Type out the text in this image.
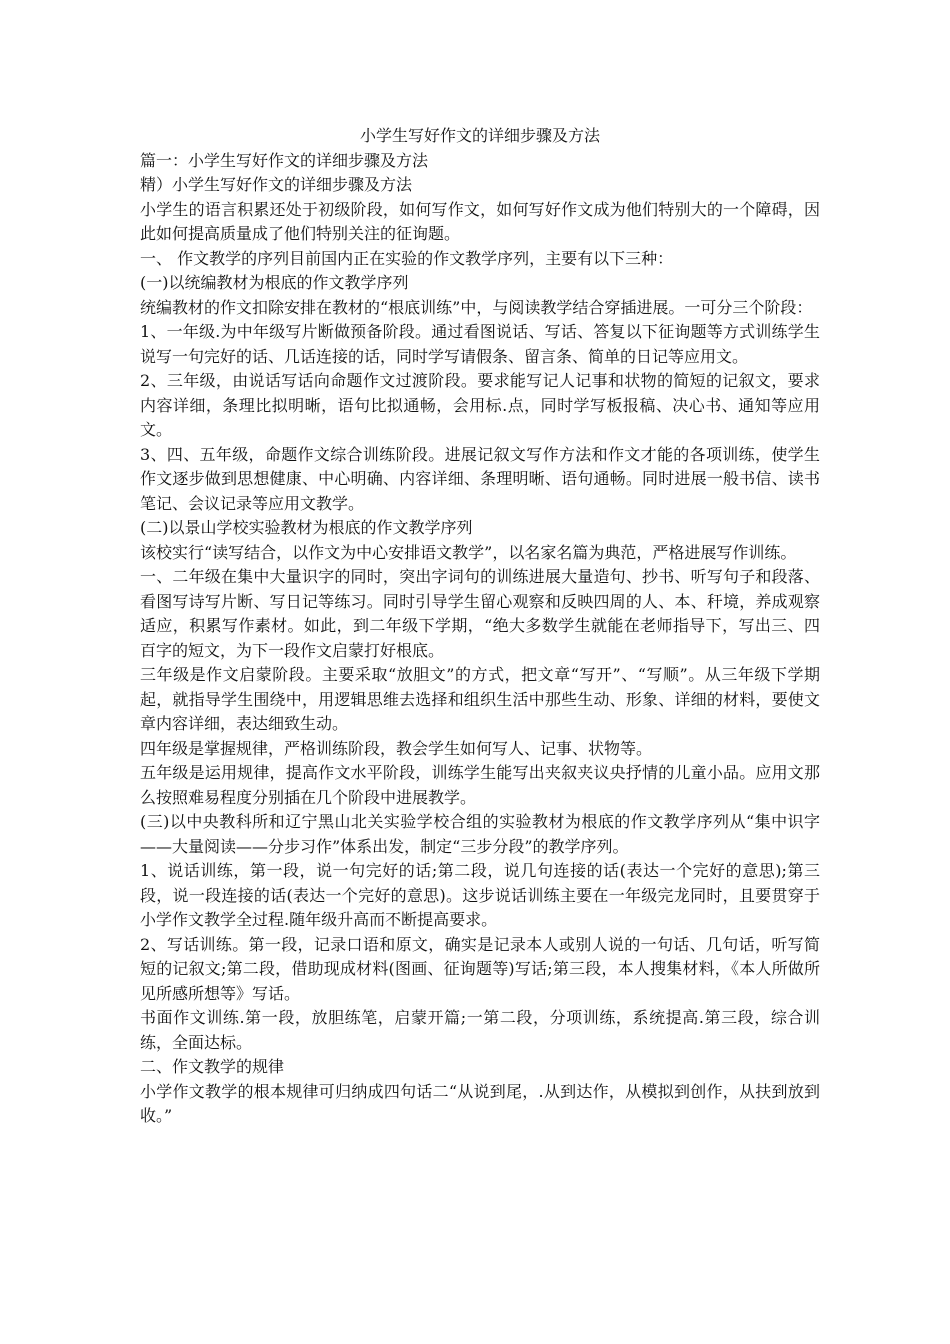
小学生写好作文的详细步骤及方法

篇一：小学生写好作文的详细步骤及方法

精）小学生写好作文的详细步骤及方法

小学生的语言积累还处于初级阶段，如何写作文，如何写好作文成为他们特别大的一个障碍，因此如何提高质量成了他们特别关注的征询题。

一、 作文教学的序列目前国内正在实验的作文教学序列，主要有以下三种：

(一)以统编教材为根底的作文教学序列

统编教材的作文扣除安排在教材的“根底训练”中，与阅读教学结合穿插进展。一可分三个阶段：

1、一年级.为中年级写片断做预备阶段。通过看图说话、写话、答复以下征询题等方式训练学生说写一句完好的话、几话连接的话，同时学写请假条、留言条、简单的日记等应用文。

2、三年级，由说话写话向命题作文过渡阶段。要求能写记人记事和状物的简短的记叙文，要求内容详细，条理比拟明晰，语句比拟通畅，会用标.点，同时学写板报稿、决心书、通知等应用文。

3、四、五年级，命题作文综合训练阶段。进展记叙文写作方法和作文才能的各项训练，使学生作文逐步做到思想健康、中心明确、内容详细、条理明晰、语句通畅。同时进展一般书信、读书笔记、会议记录等应用文教学。

(二)以景山学校实验教材为根底的作文教学序列

该校实行“读写结合，以作文为中心安排语文教学”，以名家名篇为典范，严格进展写作训练。

一、二年级在集中大量识字的同时，突出字词句的训练进展大量造句、抄书、听写句子和段落、看图写诗写片断、写日记等练习。同时引导学生留心观察和反映四周的人、本、秆境，养成观察适应，积累写作素材。如此，到二年级下学期，“绝大多数学生就能在老师指导下，写出三、四百字的短文，为下一段作文启蒙打好根底。

三年级是作文启蒙阶段。主要采取“放胆文”的方式，把文章“写开”、“写顺”。从三年级下学期起，就指导学生围绕中，用逻辑思维去选择和组织生活中那些生动、形象、详细的材料，要使文章内容详细，表达细致生动。

四年级是掌握规律，严格训练阶段，教会学生如何写人、记事、状物等。

五年级是运用规律，提高作文水平阶段，训练学生能写出夹叙夹议央抒情的儿童小品。应用文那么按照难易程度分别插在几个阶段中进展教学。

(三)以中央教科所和辽宁黑山北关实验学校合组的实验教材为根底的作文教学序列从“集中识字——大量阅读——分步习作”体系出发，制定“三步分段”的教学序列。

1、说话训练，第一段，说一句完好的话;第二段，说几句连接的话(表达一个完好的意思);第三段，说一段连接的话(表达一个完好的意思)。这步说话训练主要在一年级完龙同时，且要贯穿于小学作文教学全过程.随年级升高而不断提高要求。

2、写话训练。第一段，记录口语和原文，确实是记录本人或别人说的一句话、几句话，听写简短的记叙文;第二段，借助现成材料(图画、征询题等)写话;第三段，本人搜集材料，《本人所做所见所感所想等》写话。

书面作文训练.第一段，放胆练笔，启蒙开篇;一第二段，分项训练，系统提高.第三段，综合训练，全面达标。

二、作文教学的规律

小学作文教学的根本规律可归纳成四句话二“从说到尾，.从到达作，从模拟到创作，从扶到放到收。”
